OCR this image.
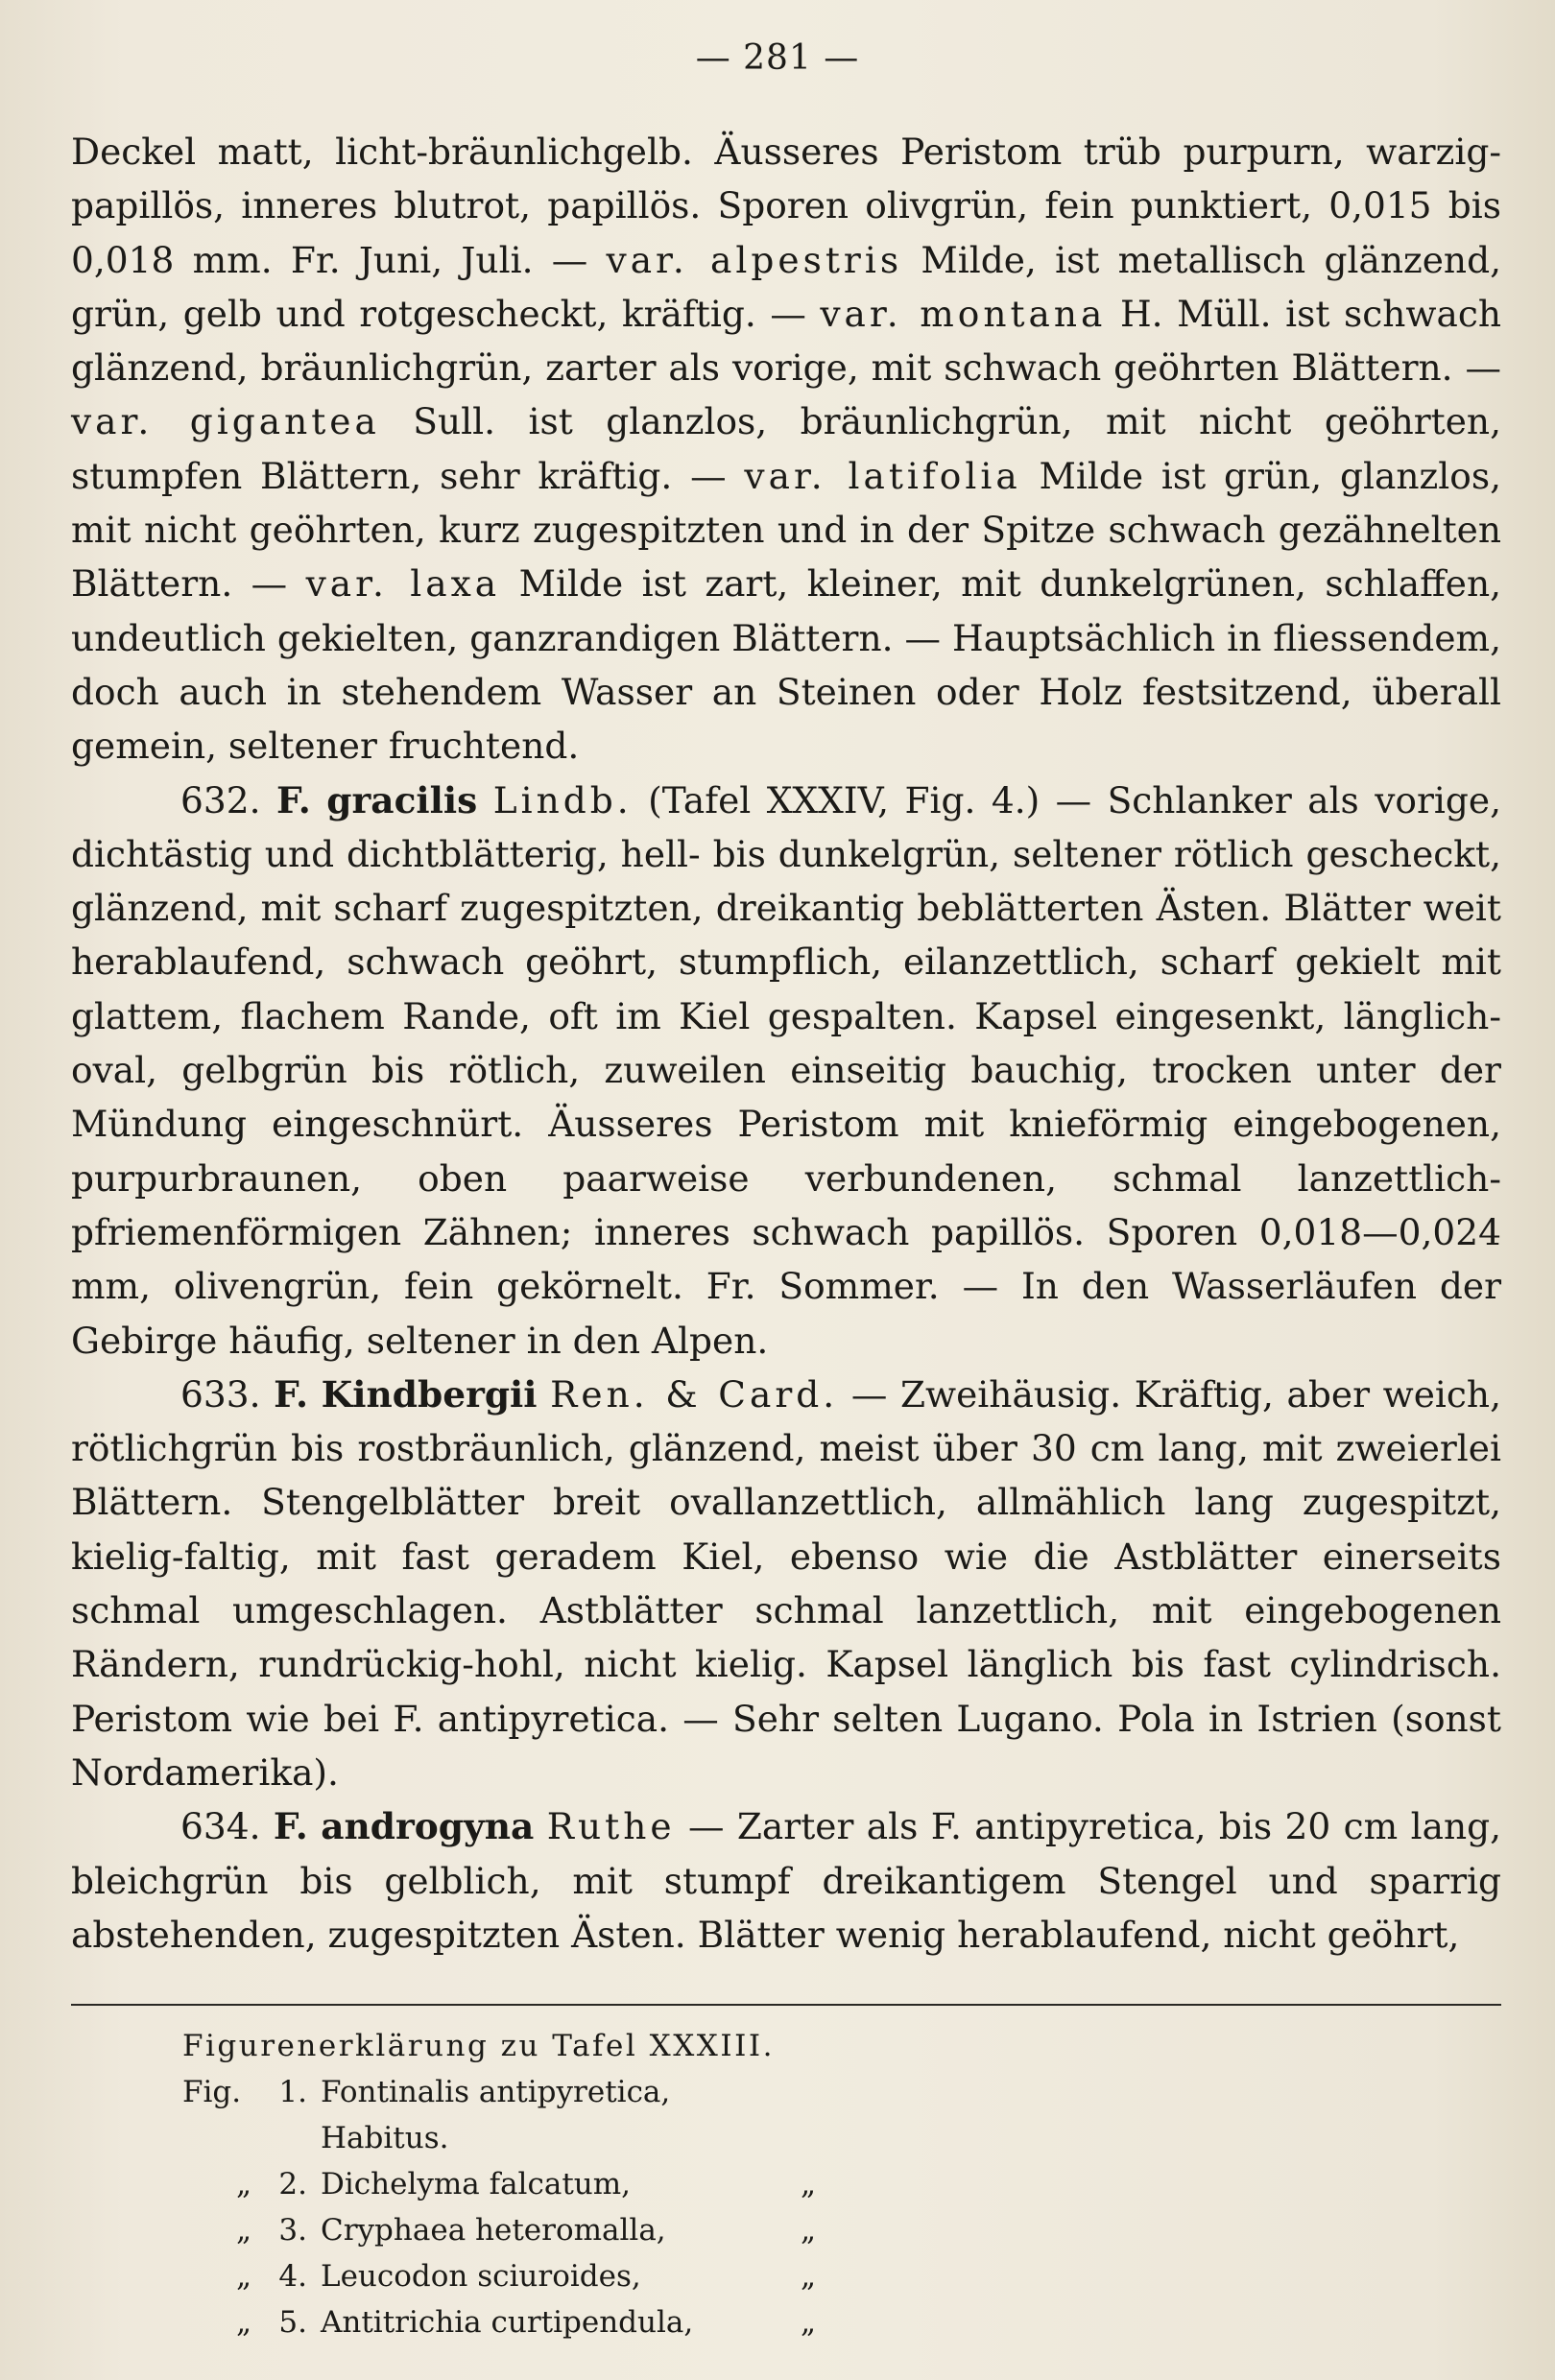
— 281 —

Deckel matt, licht-bräunlichgelb. Äusseres Peristom trüb purpurn, warzig-papillös, inneres blutrot, papillös. Sporen olivgrün, fein punktiert, 0,015 bis 0,018 mm. Fr. Juni, Juli. — var. alpestris Milde, ist metallisch glänzend, grün, gelb und rotgescheckt, kräftig. — var. montana H. Müll. ist schwach glänzend, bräunlichgrün, zarter als vorige, mit schwach geöhrten Blättern. — var. gigantea Sull. ist glanzlos, bräunlichgrün, mit nicht geöhrten, stumpfen Blättern, sehr kräftig. — var. latifolia Milde ist grün, glanzlos, mit nicht geöhrten, kurz zugespitzten und in der Spitze schwach gezähnelten Blättern. — var. laxa Milde ist zart, kleiner, mit dunkelgrünen, schlaffen, undeutlich gekielten, ganzrandigen Blättern. — Hauptsächlich in fliessendem, doch auch in stehendem Wasser an Steinen oder Holz festsitzend, überall gemein, seltener fruchtend.

632. F. gracilis Lindb. (Tafel XXXIV, Fig. 4.) — Schlanker als vorige, dichtästig und dichtblätterig, hell- bis dunkelgrün, seltener rötlich gescheckt, glänzend, mit scharf zugespitzten, dreikantig beblätterten Ästen. Blätter weit herablaufend, schwach geöhrt, stumpflich, eilanzettlich, scharf gekielt mit glattem, flachem Rande, oft im Kiel gespalten. Kapsel eingesenkt, länglich-oval, gelbgrün bis rötlich, zuweilen einseitig bauchig, trocken unter der Mündung eingeschnürt. Äusseres Peristom mit knieförmig eingebogenen, purpurbraunen, oben paarweise verbundenen, schmal lanzettlich-pfriemenförmigen Zähnen; inneres schwach papillös. Sporen 0,018—0,024 mm, olivengrün, fein gekörnelt. Fr. Sommer. — In den Wasserläufen der Gebirge häufig, seltener in den Alpen.

633. F. Kindbergii Ren. & Card. — Zweihäusig. Kräftig, aber weich, rötlichgrün bis rostbräunlich, glänzend, meist über 30 cm lang, mit zweierlei Blättern. Stengelblätter breit ovallanzettlich, allmählich lang zugespitzt, kielig-faltig, mit fast geradem Kiel, ebenso wie die Astblätter einerseits schmal umgeschlagen. Astblätter schmal lanzettlich, mit eingebogenen Rändern, rundrückig-hohl, nicht kielig. Kapsel länglich bis fast cylindrisch. Peristom wie bei F. antipyretica. — Sehr selten Lugano. Pola in Istrien (sonst Nordamerika).

634. F. androgyna Ruthe — Zarter als F. antipyretica, bis 20 cm lang, bleichgrün bis gelblich, mit stumpf dreikantigem Stengel und sparrig abstehenden, zugespitzten Ästen. Blätter wenig herablaufend, nicht geöhrt,

Figurenerklärung zu Tafel XXXIII.
Fig.	1. Fontinalis antipyretica, Habitus.
„ 2. Dichelyma falcatum,	„
„ 3. Cryphaea heteromalla,	„
„ 4. Leucodon sciuroides,	„
„ 5. Antitrichia curtipendula,	„
